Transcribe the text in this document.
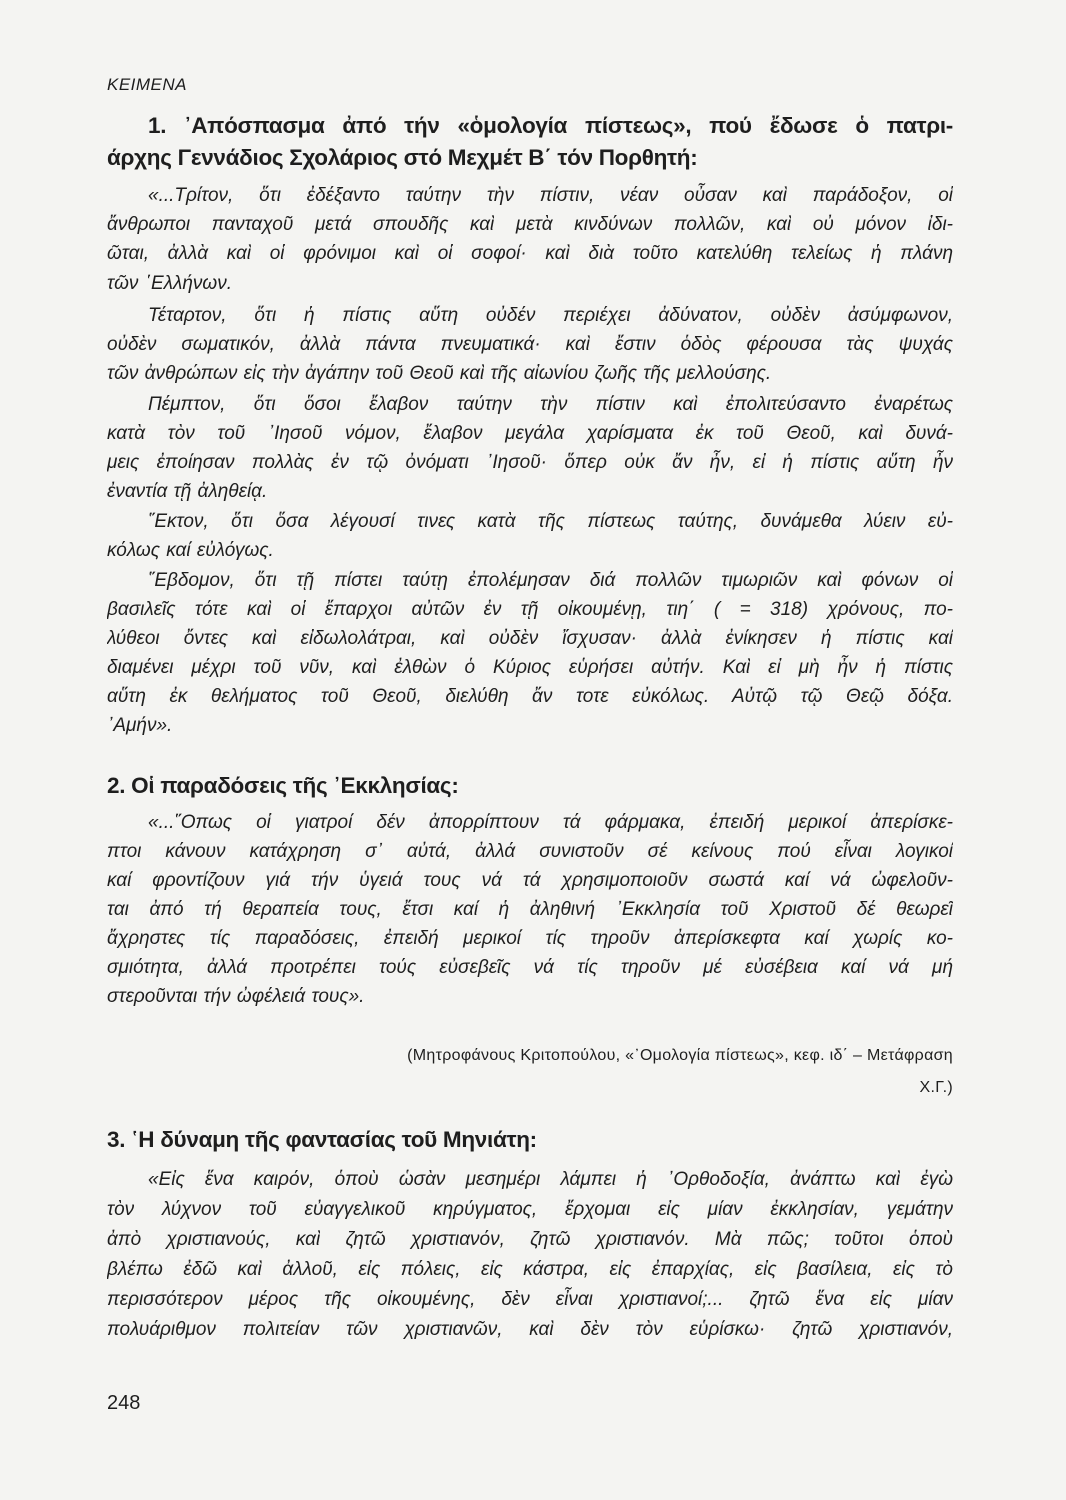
ΚΕΙΜΕΝΑ
1. ᾿Απόσπασμα ἀπό τήν «ὁμολογία πίστεως», πού ἔδωσε ὁ πατρι-
άρχης Γεννάδιος Σχολάριος στό Μεχμέτ Β΄ τόν Πορθητή:
«...Τρίτον, ὅτι ἐδέξαντο ταύτην τὴν πίστιν, νέαν οὖσαν καὶ παράδοξον, οἱ
ἄνθρωποι πανταχοῦ μετά σπουδῆς καὶ μετὰ κινδύνων πολλῶν, καὶ οὐ μόνον ἰδι-
ῶται, ἀλλὰ καὶ οἱ φρόνιμοι καὶ οἱ σοφοί· καὶ διὰ τοῦτο κατελύθη τελείως ἡ πλάνη
τῶν ῾Ελλήνων.
Τέταρτον, ὅτι ἡ πίστις αὕτη οὐδέν περιέχει ἀδύνατον, οὐδὲν ἀσύμφωνον,
οὐδὲν σωματικόν, ἀλλὰ πάντα πνευματικά· καὶ ἔστιν ὁδὸς φέρουσα τὰς ψυχάς
τῶν ἀνθρώπων εἰς τὴν ἀγάπην τοῦ Θεοῦ καὶ τῆς αἰωνίου ζωῆς τῆς μελλούσης.
Πέμπτον, ὅτι ὅσοι ἔλαβον ταύτην τὴν πίστιν καὶ ἐπολιτεύσαντο ἐναρέτως
κατὰ τὸν τοῦ ᾿Ιησοῦ νόμον, ἔλαβον μεγάλα χαρίσματα ἐκ τοῦ Θεοῦ, καὶ δυνά-
μεις ἐποίησαν πολλὰς ἐν τῷ ὀνόματι ᾿Ιησοῦ· ὅπερ οὐκ ἄν ἦν, εἰ ἡ πίστις αὕτη ἦν
ἐναντία τῇ ἀληθείᾳ.
῞Εκτον, ὅτι ὅσα λέγουσί τινες κατὰ τῆς πίστεως ταύτης, δυνάμεθα λύειν εὐ-
κόλως καί εὐλόγως.
῞Εβδομον, ὅτι τῇ πίστει ταύτῃ ἐπολέμησαν διά πολλῶν τιμωριῶν καὶ φόνων οἱ
βασιλεῖς τότε καὶ οἱ ἔπαρχοι αὐτῶν ἐν τῇ οἰκουμένῃ, τιη΄ ( = 318) χρόνους, πο-
λύθεοι ὄντες καὶ εἰδωλολάτραι, καὶ οὐδὲν ἴσχυσαν· ἀλλὰ ἐνίκησεν ἡ πίστις καί
διαμένει μέχρι τοῦ νῦν, καὶ ἐλθὼν ὁ Κύριος εὑρήσει αὐτήν. Καὶ εἰ μὴ ἦν ἡ πίστις
αὕτη ἐκ θελήματος τοῦ Θεοῦ, διελύθη ἄν τοτε εὐκόλως. Αὐτῷ τῷ Θεῷ δόξα.
᾿Αμήν».
2. Οἱ παραδόσεις τῆς ᾿Εκκλησίας:
«...῞Οπως οἱ γιατροί δέν ἀπορρίπτουν τά φάρμακα, ἐπειδή μερικοί ἀπερίσκε-
πτοι κάνουν κατάχρηση σ᾿ αὐτά, ἀλλά συνιστοῦν σέ κείνους πού εἶναι λογικοί
καί φροντίζουν γιά τήν ὑγειά τους νά τά χρησιμοποιοῦν σωστά καί νά ὠφελοῦν-
ται ἀπό τή θεραπεία τους, ἔτσι καί ἡ ἀληθινή ᾿Εκκλησία τοῦ Χριστοῦ δέ θεωρεῖ
ἄχρηστες τίς παραδόσεις, ἐπειδή μερικοί τίς τηροῦν ἀπερίσκεφτα καί χωρίς κο-
σμιότητα, ἀλλά προτρέπει τούς εὐσεβεῖς νά τίς τηροῦν μέ εὐσέβεια καί νά μή
στεροῦνται τήν ὠφέλειά τους».
(Μητροφάνους Κριτοπούλου, «᾿Ομολογία πίστεως», κεφ. ιδ΄ – Μετάφραση
Χ.Γ.)
3. ῾Η δύναμη τῆς φαντασίας τοῦ Μηνιάτη:
«Εἰς ἕνα καιρόν, ὁποὺ ὡσὰν μεσημέρι λάμπει ἡ ᾿Ορθοδοξία, ἀνάπτω καὶ ἐγὼ
τὸν λύχνον τοῦ εὐαγγελικοῦ κηρύγματος, ἔρχομαι εἰς μίαν ἐκκλησίαν, γεμάτην
ἀπὸ χριστιανούς, καὶ ζητῶ χριστιανόν, ζητῶ χριστιανόν. Μὰ πῶς; τοῦτοι ὁποὺ
βλέπω ἐδῶ καὶ ἀλλοῦ, εἰς πόλεις, εἰς κάστρα, εἰς ἐπαρχίας, εἰς βασίλεια, εἰς τὸ
περισσότερον μέρος τῆς οἰκουμένης, δὲν εἶναι χριστιανοί;... ζητῶ ἕνα εἰς μίαν
πολυάριθμον πολιτείαν τῶν χριστιανῶν, καὶ δὲν τὸν εὑρίσκω· ζητῶ χριστιανόν,
248
